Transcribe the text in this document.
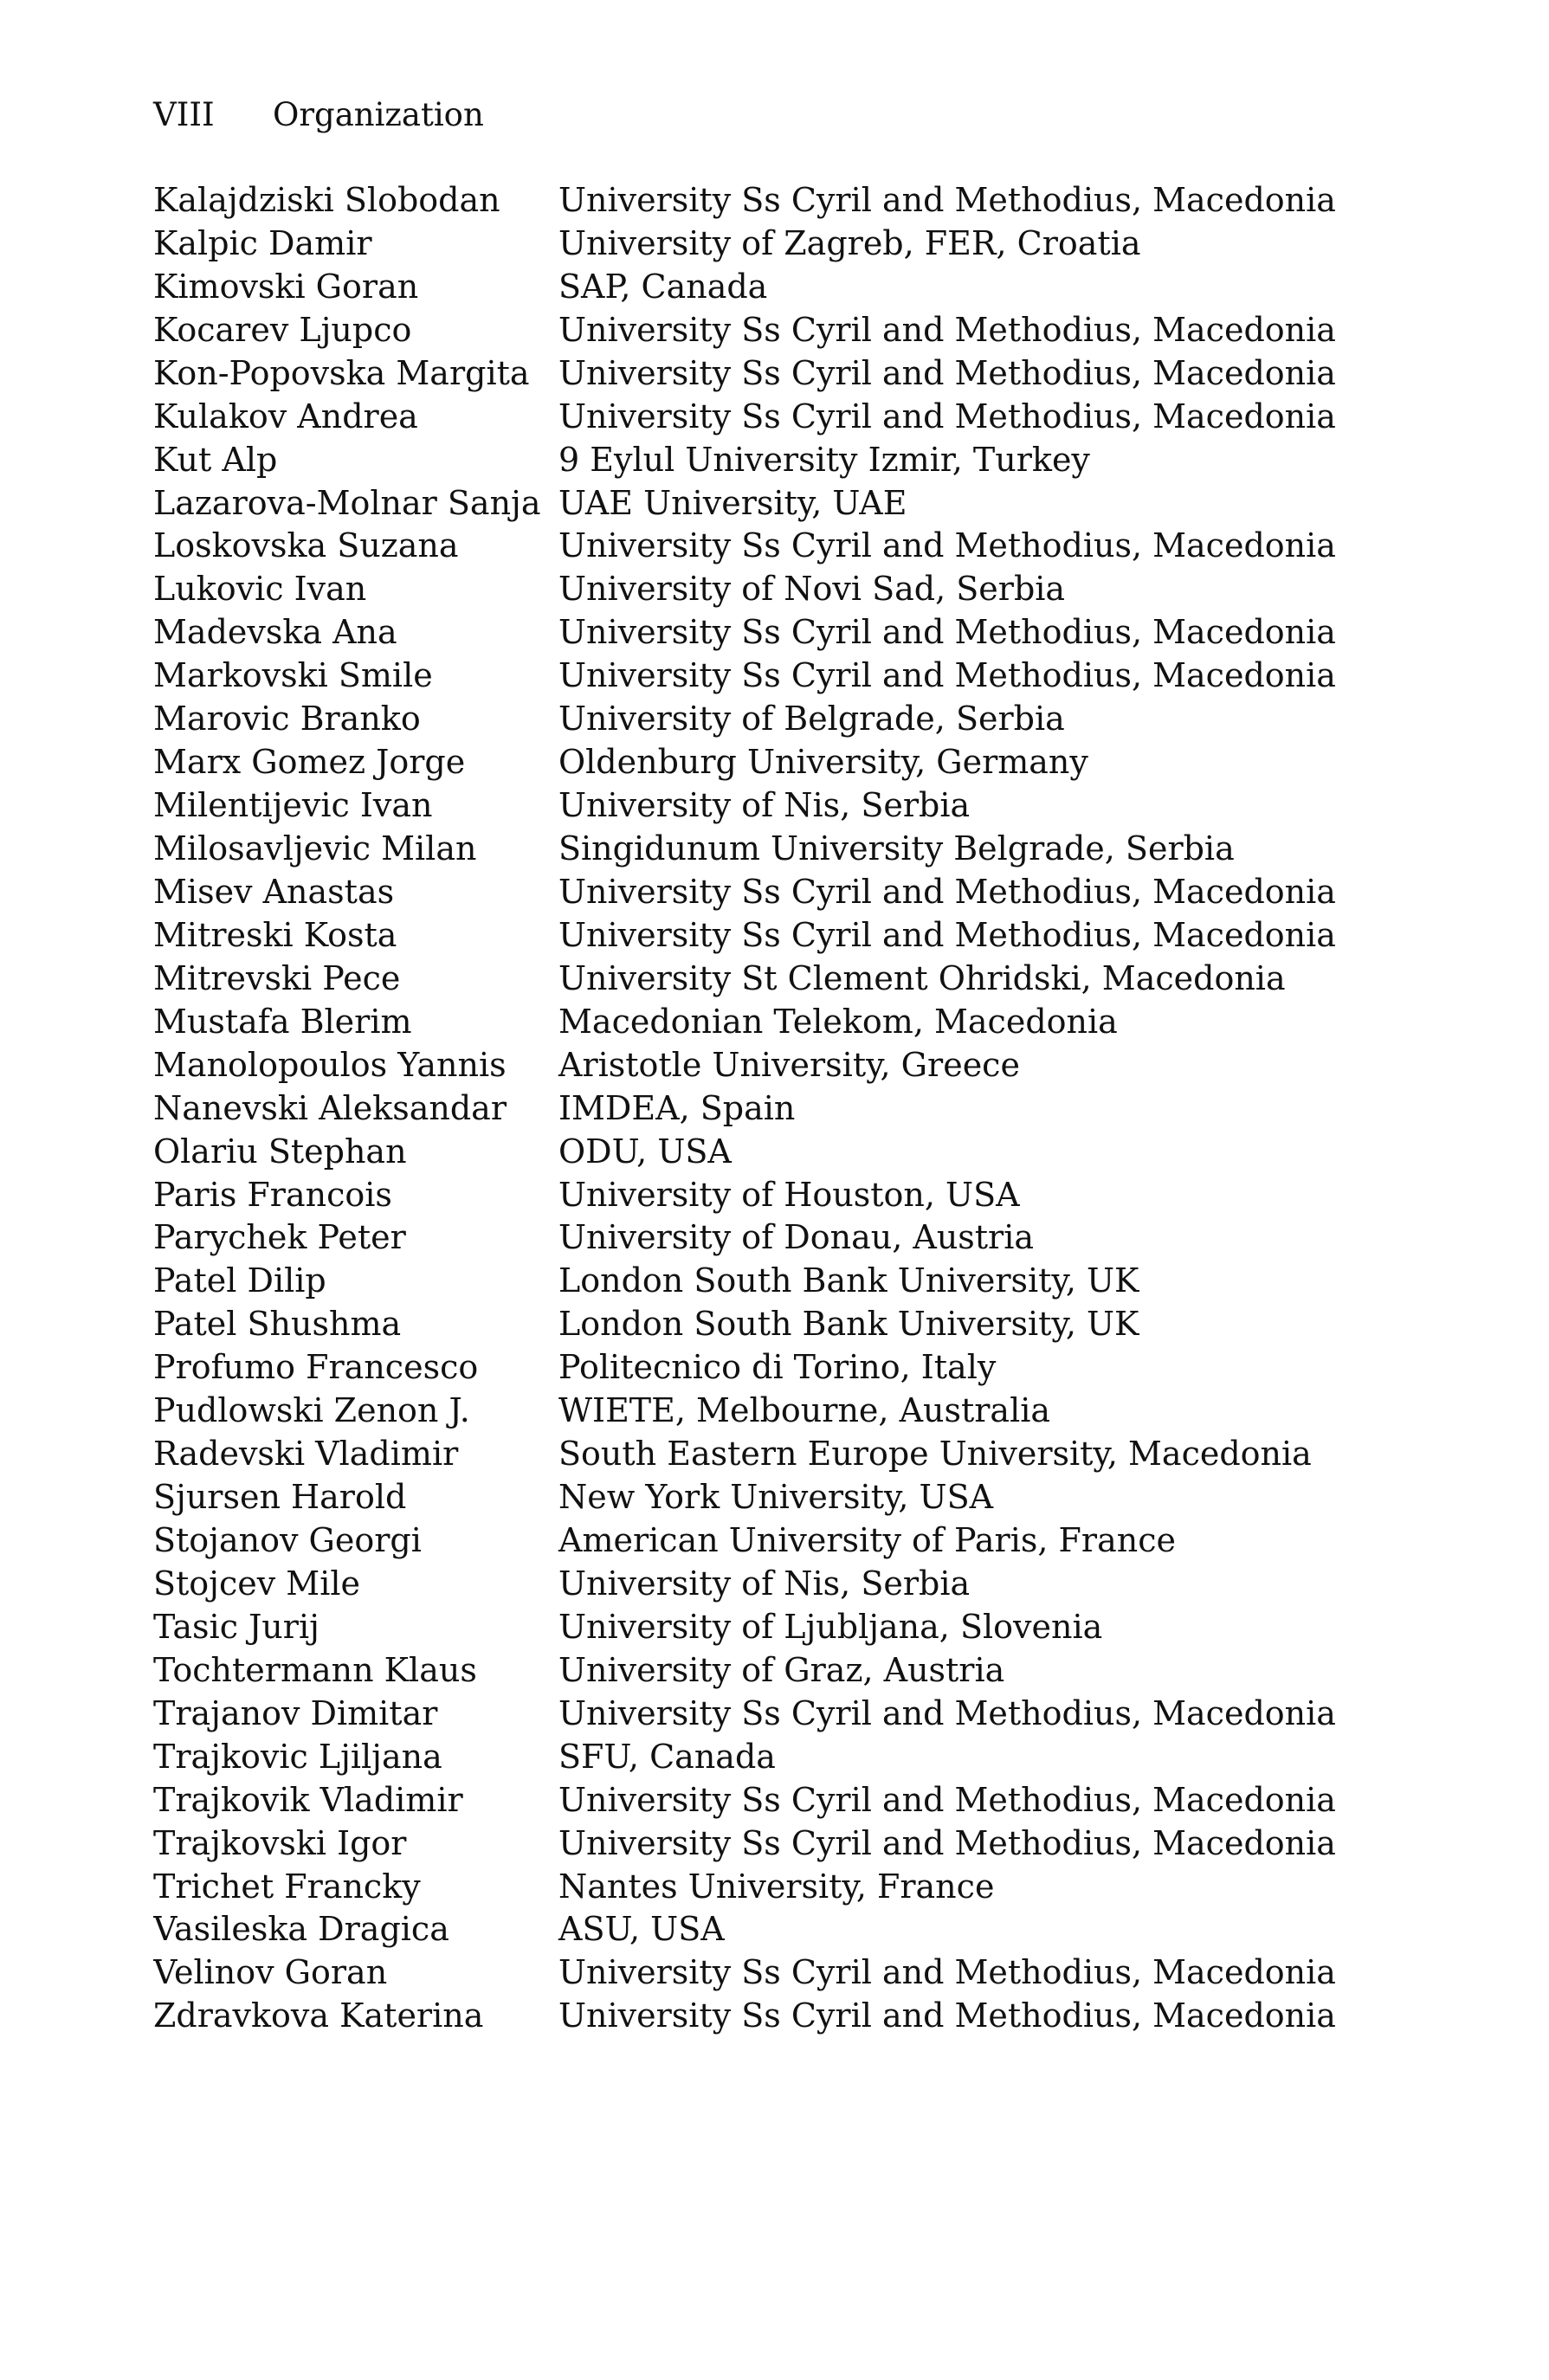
VIII Organization
Kalajdziski Slobodan	University Ss Cyril and Methodius, Macedonia
Kalpic Damir	University of Zagreb, FER, Croatia
Kimovski Goran	SAP, Canada
Kocarev Ljupco	University Ss Cyril and Methodius, Macedonia
Kon-Popovska Margita University Ss Cyril and Methodius, Macedonia
Kulakov Andrea	University Ss Cyril and Methodius, Macedonia
Kut Alp	9 Eylul University Izmir, Turkey
Lazarova-Molnar Sanja UAE University, UAE
Loskovska Suzana	University Ss Cyril and Methodius, Macedonia
Lukovic Ivan	University of Novi Sad, Serbia
Madevska Ana	University Ss Cyril and Methodius, Macedonia
Markovski Smile	University Ss Cyril and Methodius, Macedonia
Marovic Branko	University of Belgrade, Serbia
Marx Gomez Jorge	Oldenburg University, Germany
Milentijevic Ivan	University of Nis, Serbia
Milosavljevic Milan	Singidunum University Belgrade, Serbia
Misev Anastas	University Ss Cyril and Methodius, Macedonia
Mitreski Kosta	University Ss Cyril and Methodius, Macedonia
Mitrevski Pece	University St Clement Ohridski, Macedonia
Mustafa Blerim	Macedonian Telekom, Macedonia
Manolopoulos Yannis	Aristotle University, Greece
Nanevski Aleksandar	IMDEA, Spain
Olariu Stephan	ODU, USA
Paris Francois	University of Houston, USA
Parychek Peter	University of Donau, Austria
Patel Dilip	London South Bank University, UK
Patel Shushma	London South Bank University, UK
Profumo Francesco	Politecnico di Torino, Italy
Pudlowski Zenon J.	WIETE, Melbourne, Australia
Radevski Vladimir	South Eastern Europe University, Macedonia
Sjursen Harold	New York University, USA
Stojanov Georgi	American University of Paris, France
Stojcev Mile	University of Nis, Serbia
Tasic Jurij	University of Ljubljana, Slovenia
Tochtermann Klaus	University of Graz, Austria
Trajanov Dimitar	University Ss Cyril and Methodius, Macedonia
Trajkovic Ljiljana	SFU, Canada
Trajkovik Vladimir	University Ss Cyril and Methodius, Macedonia
Trajkovski Igor	University Ss Cyril and Methodius, Macedonia
Trichet Francky	Nantes University, France
Vasileska Dragica	ASU, USA
Velinov Goran	University Ss Cyril and Methodius, Macedonia
Zdravkova Katerina	University Ss Cyril and Methodius, Macedonia
